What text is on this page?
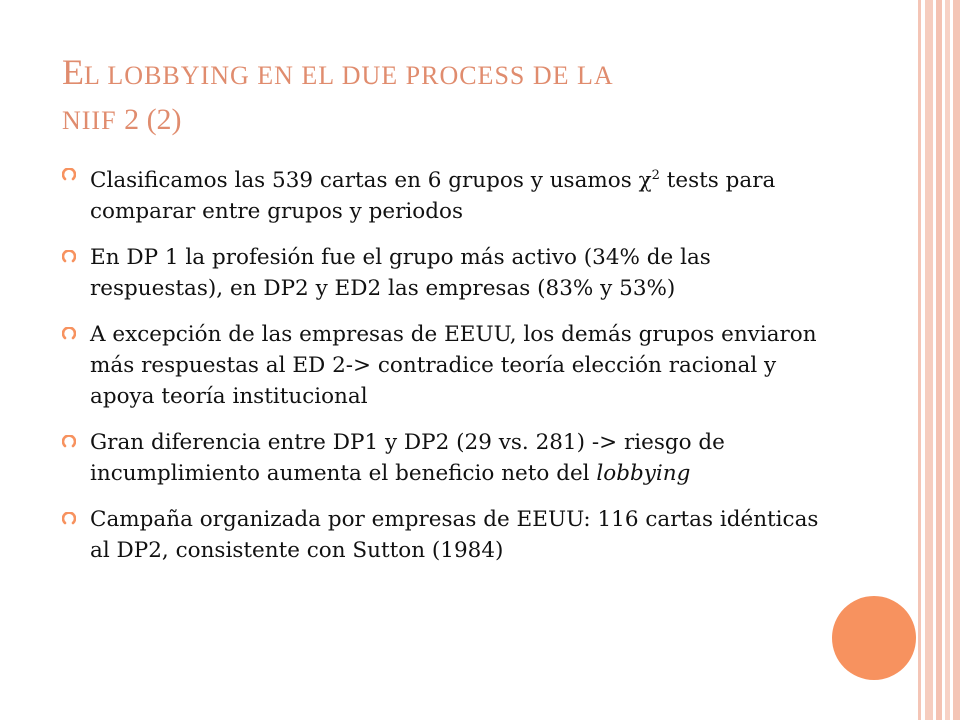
EL LOBBYING EN EL DUE PROCESS DE LA
NIIF 2 (2)
Clasificamos las 539 cartas en 6 grupos y usamos $\chi^2$ tests para comparar entre grupos y periodos
En DP 1 la profesión fue el grupo más activo (34% de las respuestas), en DP2 y ED2 las empresas (83% y 53%)
A excepción de las empresas de EEUU, los demás grupos enviaron más respuestas al ED 2-> contradice teoría elección racional y apoya teoría institucional
Gran diferencia entre DP1 y DP2 (29 vs. 281) -> riesgo de incumplimiento aumenta el beneficio neto del lobbying
Campaña organizada por empresas de EEUU: 116 cartas idénticas al DP2, consistente con Sutton (1984)
